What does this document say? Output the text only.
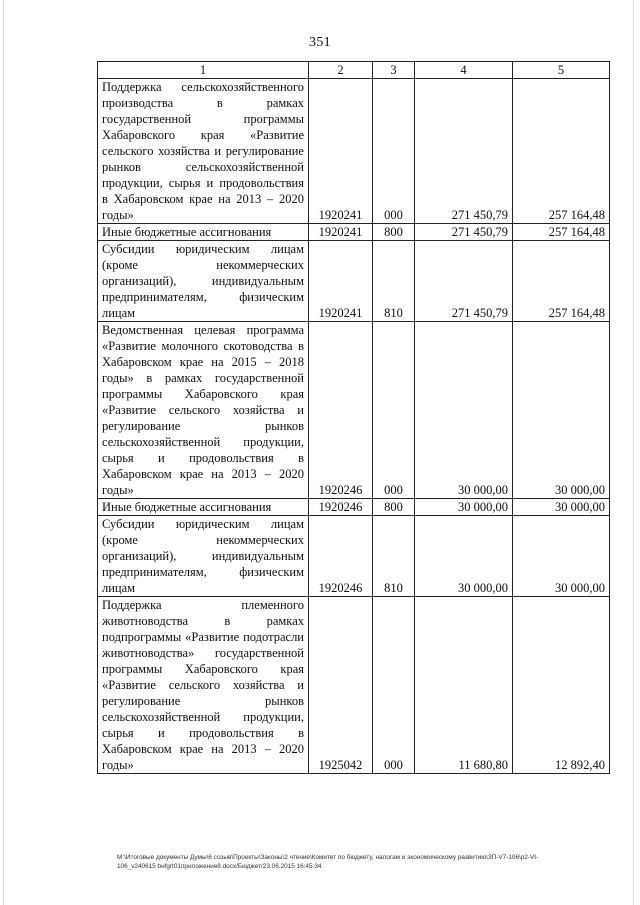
351
1	2	3	4	5
Поддержка сельскохозяйственного производства в рамках государственной программы Хабаровского края «Развитие сельского хозяйства и регулирование рынков сельскохозяйственной продукции, сырья и продовольствия в Хабаровском крае на 2013 – 2020 годы»	1920241	000	271 450,79	257 164,48
Иные бюджетные ассигнования	1920241	800	271 450,79	257 164,48
Субсидии юридическим лицам (кроме некоммерческих организаций), индивидуальным предпринимателям, физическим лицам	1920241	810	271 450,79	257 164,48
Ведомственная целевая программа «Развитие молочного скотоводства в Хабаровском крае на 2015 – 2018 годы» в рамках государственной программы Хабаровского края «Развитие сельского хозяйства и регулирование рынков сельскохозяйственной продукции, сырья и продовольствия в Хабаровском крае на 2013 – 2020 годы»	1920246	000	30 000,00	30 000,00
Иные бюджетные ассигнования	1920246	800	30 000,00	30 000,00
Субсидии юридическим лицам (кроме некоммерческих организаций), индивидуальным предпринимателям, физическим лицам	1920246	810	30 000,00	30 000,00
Поддержка племенного животноводства в рамках подпрограммы «Развитие подотрасли животноводства» государственной программы Хабаровского края «Развитие сельского хозяйства и регулирование рынков сельскохозяйственной продукции, сырья и продовольствия в Хабаровском крае на 2013 – 2020 годы»	1925042	000	11 680,80	12 892,40
М:\Итоговые документы Думы\6 созыв\Проекты\Законы\2 чтение\Комитет по бюджету, налогам и экономическому развитию\ЗП-V7-106\р2-VI-
106_v240615 bнfgrt01приложение8.docx/Бюджет/23.06.2015 16:45:34
